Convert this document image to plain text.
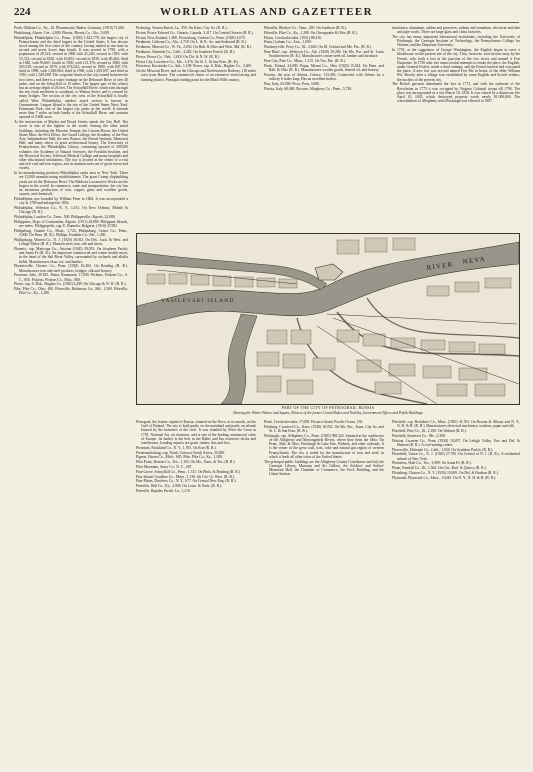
224	WORLD ATLAS AND GAZETTEER

Perth, Oldham Co., Ky., 20. Phonemonte, Baden, Germany. (1910) 73,286.

Phalsbourg, Alsace, Ger., 4,000. Phenix, Phenix Co., Ala., 5,009.

Philadelphia, Philadelphia Co., Penn., (1920) 1,823,779, the largest city of Pennsylvania and the third largest in the United States. It has always stood among the first cities of the country, having ranked at one time as second and never lower than fourth. It was second in 1790, with a population of 28,522; second in 1800 with 41,220; second in 1810, with 53,722; second in 1820, with 63,802; second in 1830, with 80,462; third in 1840, with 93,665; fourth in 1850, with 121,376; second in 1860, with 565,529; second in 1870, with 674,022; second in 1880, with 847,170; third in 1890, with 1,046,964; third in 1900, with 1,293,697, and third in 1910, with 1,549,008. The corporate limits of the city extend between the two rivers, and there is a water frontage on the Delaware River of over 20 miles, and on the Schuylkill of 10 miles. The largest part of the wharfs has an average depth of 26 feet. The Schuylkill River, which runs through the city from northwest to southeast, to Walnut Street, and is crossed by many bridges. The section of the city west of the Schuylkill is locally called West Philadelphia; another noted section is known as Germantown. League Island is the site of the United States Navy Yard. Fairmount Park, one of the largest city parks in the world. It extends more than 7 miles on both banks of the Schuylkill River, and contains upward of 3,000 acres.

At the intersection of Market and Broad Streets stands the City Hall. The tower is one of the highest in the world. Among the other noted buildings, including the Masonic Temple, the Custom House, the United States Mint, the Post Office, the Girard College, the Academy of the Fine Arts, Independence Hall, the new Bourse, the Drexel Institute, Memorial Hall, and many others of great architectural beauty. The University of Pennsylvania, the Philadelphia Library, containing upward of 200,000 volumes; the Academy of Natural Sciences; the Franklin Institute, and the Historical Society. Jefferson Medical College and many hospitals and other educational institutions. The city is located at the center of a vast and rich coal and iron region, and its manufactures are of great extent and variety.

In its manufacturing products Philadelphia ranks next to New York. There are 12,000 manufacturing establishments. The great Cramp shipbuilding yards are on the Delaware River. The Baldwin Locomotive Works are the largest in the world. In commerce, trade and transportation, the city has an enormous production of iron, copper, glass and woollen goods, carpets, and chemicals.

Philadelphia was founded by William Penn in 1682. It was incorporated a city in 1789 and enlarged in 1854.

Philadelphia, Jefferson Co., N. Y., 1,011. On New Orleans, Mobile & Chicago (R. R.).

Philadelphia, Loudon Co., Tenn., 500. Philippeville, Algeria, 23,000.

Philippines, Dept. of Constantine, Algeria. (1911) 28,890. Philippine Islands, see index. Philippopolis, cap. E. Rumelia, Bulgaria, (1910) 47,981.

Philipsburg, Granite Co., Mont., 1,724. Philipsburg, Centre Co., Penn., 3,900. On Penn. (R. R.). Phillips, Franklin Co., Me., 1,200.

Phillipsburg, Warren Co., N. J. (1920) 16,923. On Del., Lack. & West. and Lehigh Valley (R. R.). Manufactures iron, silk and shoes.

Phoenix, cap. Maricopa Co., Arizona (1920) 29,053. On Southern Pacific and Santa Fe (R. R.). An important commercial and winter health resort, in the heart of the Salt River Valley, surrounded by orchards and alfalfa fields. Manufactures flour, ice, and lumber.

Phoenixville, Chester Co., Penn. (1920) 10,484. On Reading (R. R.). Manufactures iron and steel products, bridges, silk and hosiery.

Piacenza, Italy, 39,825. Piatra, Roumania, 17,000. Pickens, Pickens Co., S. C., 850. Pickens, Pickens Co., Miss., 800.

Pierre, cap. S. Dak., Hughes Co. (1920) 3,209. On Chicago & N. W. (R. R.).

Pike, Pike Co., Ohio, 400. Pikesville, Baltimore Co., Md., 1,560. Pikeville, Pike Co., Ky., 1,280.

Pickering, Vernon Parish, La., 350. On Kans. City So. (R. R.).

Picton, Prince Edward Co., Ontario, Canada, 3,417. On Central Ontario (R. R.).

Picton, New Zealand, 1,000. Pieriesburg, Carbon Co., Penn. (1920) 3,679.

Piedmont, Calhoun Co., Ala., 2,718. On L. & N., So. and Seaboard (R. R.).

Piedmont, Mineral Co., W. Va., 2,054. On Balt. & Ohio and West. Md. (R. R.).

Piedmont, Alameda Co., Calif., 4,282. On Southern Pacific (R. R.).

Pierce, Pierce Co., Neb., 1,018. On Chi. & N. W. (R. R.).

Pierce City, Lawrence Co., Mo., 1,476. On St. L. & San Fran. (R. R.).

Pierceton, Kosciusko Co., Ind., 1,108. Pierre, cap. S. Dak., Hughes Co., 3,209.

On the Missouri River, and on the Chicago and Northwestern Railway, 118 miles west from Huron. The commercial center of an extensive stock-raising and farming district. Principal trading point for the Black Hills country.

Pikeville, Bledsoe Co., Tenn., 450. On Southern (R. R.).

Pikeville, Pike Co., Ky., 1,280. On Chesapeake & Ohio (R. R.).

Pilsen, Czechoslovakia. (1921) 88,416.

Pima, Graham Co., Ariz., 1,000.

Pinckneyville, Perry Co., Ill., 2,649. On Ill. Central and Mo. Pac. (R. R.).

Pine Bluff, cap. Jefferson Co., Ark. (1920) 19,280. On Mo. Pac. and St. Louis Southwestern (R. R.). Manufactures cotton-seed oil, lumber and furniture.

Pine City, Pine Co., Minn., 1,315. On Nor. Pac. (R. R.).

Pinsk, Poland, 24,000. Piqua, Miami Co., Ohio (1920) 15,044. On Penn. and Balt. & Ohio (R. R.). Manufactures woolen goods, linseed oil, and hosiery.

Piraeus, the port of Athens, Greece, 133,482. Connected with Athens by a railway 6 miles long. Has an excellent harbor.

Pisa, Italy, 63,000. Pisco, Peru, 3,000.

Pistoia, Italy, 68,000. Pitcairn, Allegheny Co., Penn., 5,738.

machinery, aluminum, rubber and preserves, radium and vanadium, electrical and tube and pipe works. There are large glass and china factories.

The city has many important educational institutions, including the University of Pittsburgh, the Carnegie Institute of Technology, the Pennsylvania College for Women, and the Duquesne University.

In 1753, at the suggestion of George Washington, the English began to erect a blockhouse on the present site of the city. They, however, were driven away by the French, who built a fort at the junction of the two rivers and named it Fort Duquesne. In 1758 after two unsuccessful attempts to retake the place, the English, under General Forbes, made a third attempt, and the French burned and evacuated the place. A new fort was erected named Fort Pitt in honor of the elder William Pitt. Shortly after a village was established by some English and Scotch settlers, the nucleus of the present city.

The British garrison abandoned the fort in 1772, and with the outbreak of the Revolution in 1775 it was occupied by Virginia Colonial troops till 1790. The place was incorporated as a city March 18, 1816. It was visited by a disastrous fire April 10, 1845, which destroyed property worth nearly $1,000,000. The consolidation of Allegheny with Pittsburgh was effected in 1907.

RIVER NEVA
VASILEVSKI ISLAND
PART OF THE CITY OF PETROGRAD, RUSSIA
Showing the Winter Palace and Square, Palaces of the former Grand Dukes and Nobility, Government Offices and Public Buildings

Petrograd, the former capital of Russia, situated on the Neva, at its mouth, on the Gulf of Finland. The city is built partly on the mainland and partly on islands formed by the branches of the river. It was founded by Peter the Great in 1703. National Art, art treasures, and is one of the leading commercial cities of Europe. Its harbor is the best in the Baltic and has extensive docks and warehouses. Leading exports are grain, timber, flax and furs.

Piermont, Rockland Co., N. Y., 1,765. On Erie (R. R.).

Pietermaritzburg, cap. Natal, Union of South Africa, 35,000.

Pigeon, Huron Co., Mich., 685. Pike, Pike Co., Ky., 1,280.

Pilot Point, Denton Co., Tex., 1,163. On Mo., Kans. & Tex. (R. R.).

Pilot Mountain, Surry Co., N. C., 607.

Pine Grove, Schuylkill Co., Penn., 1,311. On Phila. & Reading (R. R.).

Pine Island, Goodhue Co., Minn., 1,138. On Chi. Gt. West. (R. R.).

Pine Plains, Dutchess Co., N. Y., 677. On Central New Eng. (R. R.).

Pineville, Bell Co., Ky., 2,908. On Louis. & Nash. (R. R.).

Pineville, Rapides Parish, La., 1,210.

Pisek, Czechoslovakia, 17,000. Pitcairn Island, Pacific Ocean, 156.

Pittsburg, Crawford Co., Kans. (1920) 18,052. On Mo. Pac., Kans. City So. and St. L. & San Fran. (R. R.).

Pittsburgh, cap. Allegheny Co., Penn. (1920) 588,343. Situated at the confluence of the Allegheny and Monongahela Rivers, where they form the Ohio. On Penn., Balt. & Ohio, Pittsburgh & Lake Erie, Wabash, and other railroads. It is the center of the great coal, iron, coke and natural gas region of western Pennsylvania. The city is noted for the manufacture of iron and steel, in which it leads all other cities of the United States.

The principal public buildings are the Allegheny County Courthouse and Jail, the Carnegie Library, Museum and Art Gallery, the Soldiers' and Sailors' Memorial Hall, the Chamber of Commerce, the Frick Building, and the Union Station.

Pittsfield, cap. Berkshire Co., Mass. (1920) 41,763. On Boston & Albany and N. Y., N. H. & H. (R. R.). Manufactures electrical machinery, woolens, paper and silk.

Pittsfield, Pike Co., Ill., 2,100. On Wabash (R. R.).

Pittsfield, Somerset Co., Me., 2,300.

Pittston, Luzerne Co., Penn. (1920) 18,497. On Lehigh Valley, Erie and Del. & Hudson (R. R.). A coal-mining center.

Placerville, Eldorado Co., Calif., 1,650. On Southern Pacific (R. R.).

Plainfield, Union Co., N. J. (1920) 27,700. On Central of N. J. (R. R.). A residential suburb of New York.

Plainview, Hale Co., Tex., 3,989. On Santa Fe (R. R.).

Plano, Kendall Co., Ill., 1,562. On Chi., Burl. & Quincy (R. R.).

Plattsburg, Clinton Co., N. Y. (1920) 10,909. On Del. & Hudson (R. R.).

Plymouth, Plymouth Co., Mass., 13,045. On N. Y., N. H. & H. (R. R.).
